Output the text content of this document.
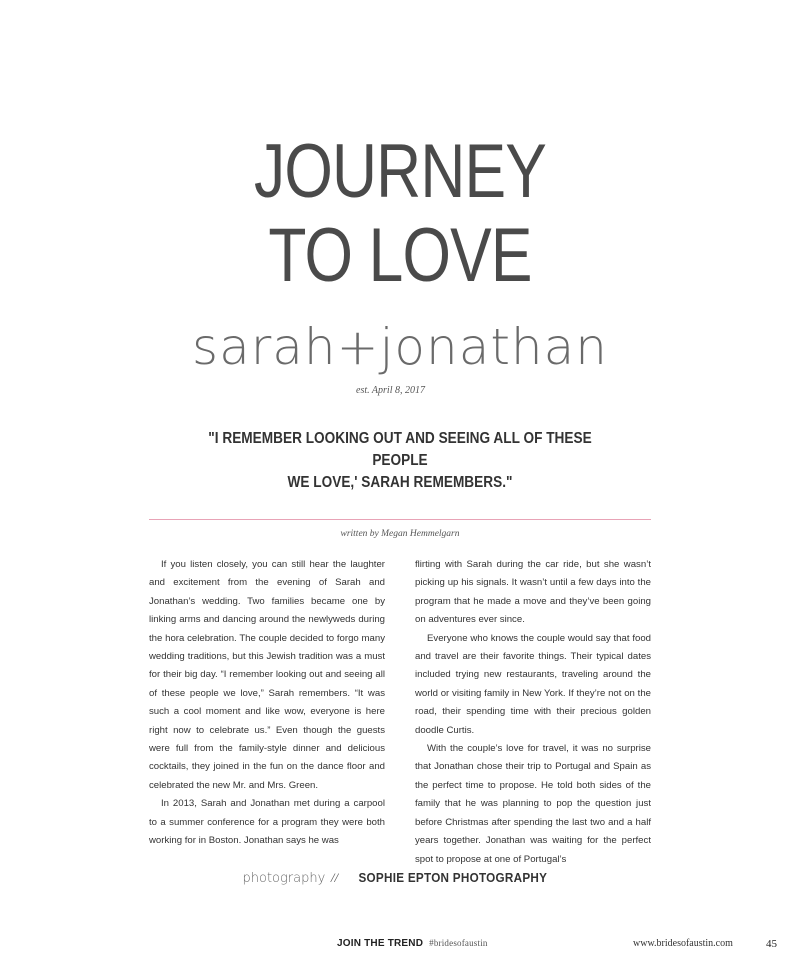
JOURNEY
TO LOVE
sarah+jonathan
est. April 8, 2017
"I REMEMBER LOOKING OUT AND SEEING ALL OF THESE PEOPLE
WE LOVE,' SARAH REMEMBERS."
written by Megan Hemmelgarn

If you listen closely, you can still hear the laughter and excitement from the evening of Sarah and Jonathan’s wedding. Two families became one by linking arms and dancing around the newlyweds during the hora celebration. The couple decided to forgo many wedding traditions, but this Jewish tradition was a must for their big day. “I remember looking out and seeing all of these people we love,” Sarah remembers. “It was such a cool moment and like wow, everyone is here right now to celebrate us.” Even though the guests were full from the family-style dinner and delicious cocktails, they joined in the fun on the dance floor and celebrated the new Mr. and Mrs. Green.

In 2013, Sarah and Jonathan met during a carpool to a summer conference for a program they were both working for in Boston. Jonathan says he was

flirting with Sarah during the car ride, but she wasn’t picking up his signals. It wasn’t until a few days into the program that he made a move and they’ve been going on adventures ever since.

Everyone who knows the couple would say that food and travel are their favorite things. Their typical dates included trying new restaurants, traveling around the world or visiting family in New York. If they’re not on the road, their spending time with their precious golden doodle Curtis.

With the couple’s love for travel, it was no surprise that Jonathan chose their trip to Portugal and Spain as the perfect time to propose. He told both sides of the family that he was planning to pop the question just before Christmas after spending the last two and a half years together. Jonathan was waiting for the perfect spot to propose at one of Portugal’s

photography // SOPHIE EPTON PHOTOGRAPHY
JOIN THE TREND #bridesofaustin	www.bridesofaustin.com	45
